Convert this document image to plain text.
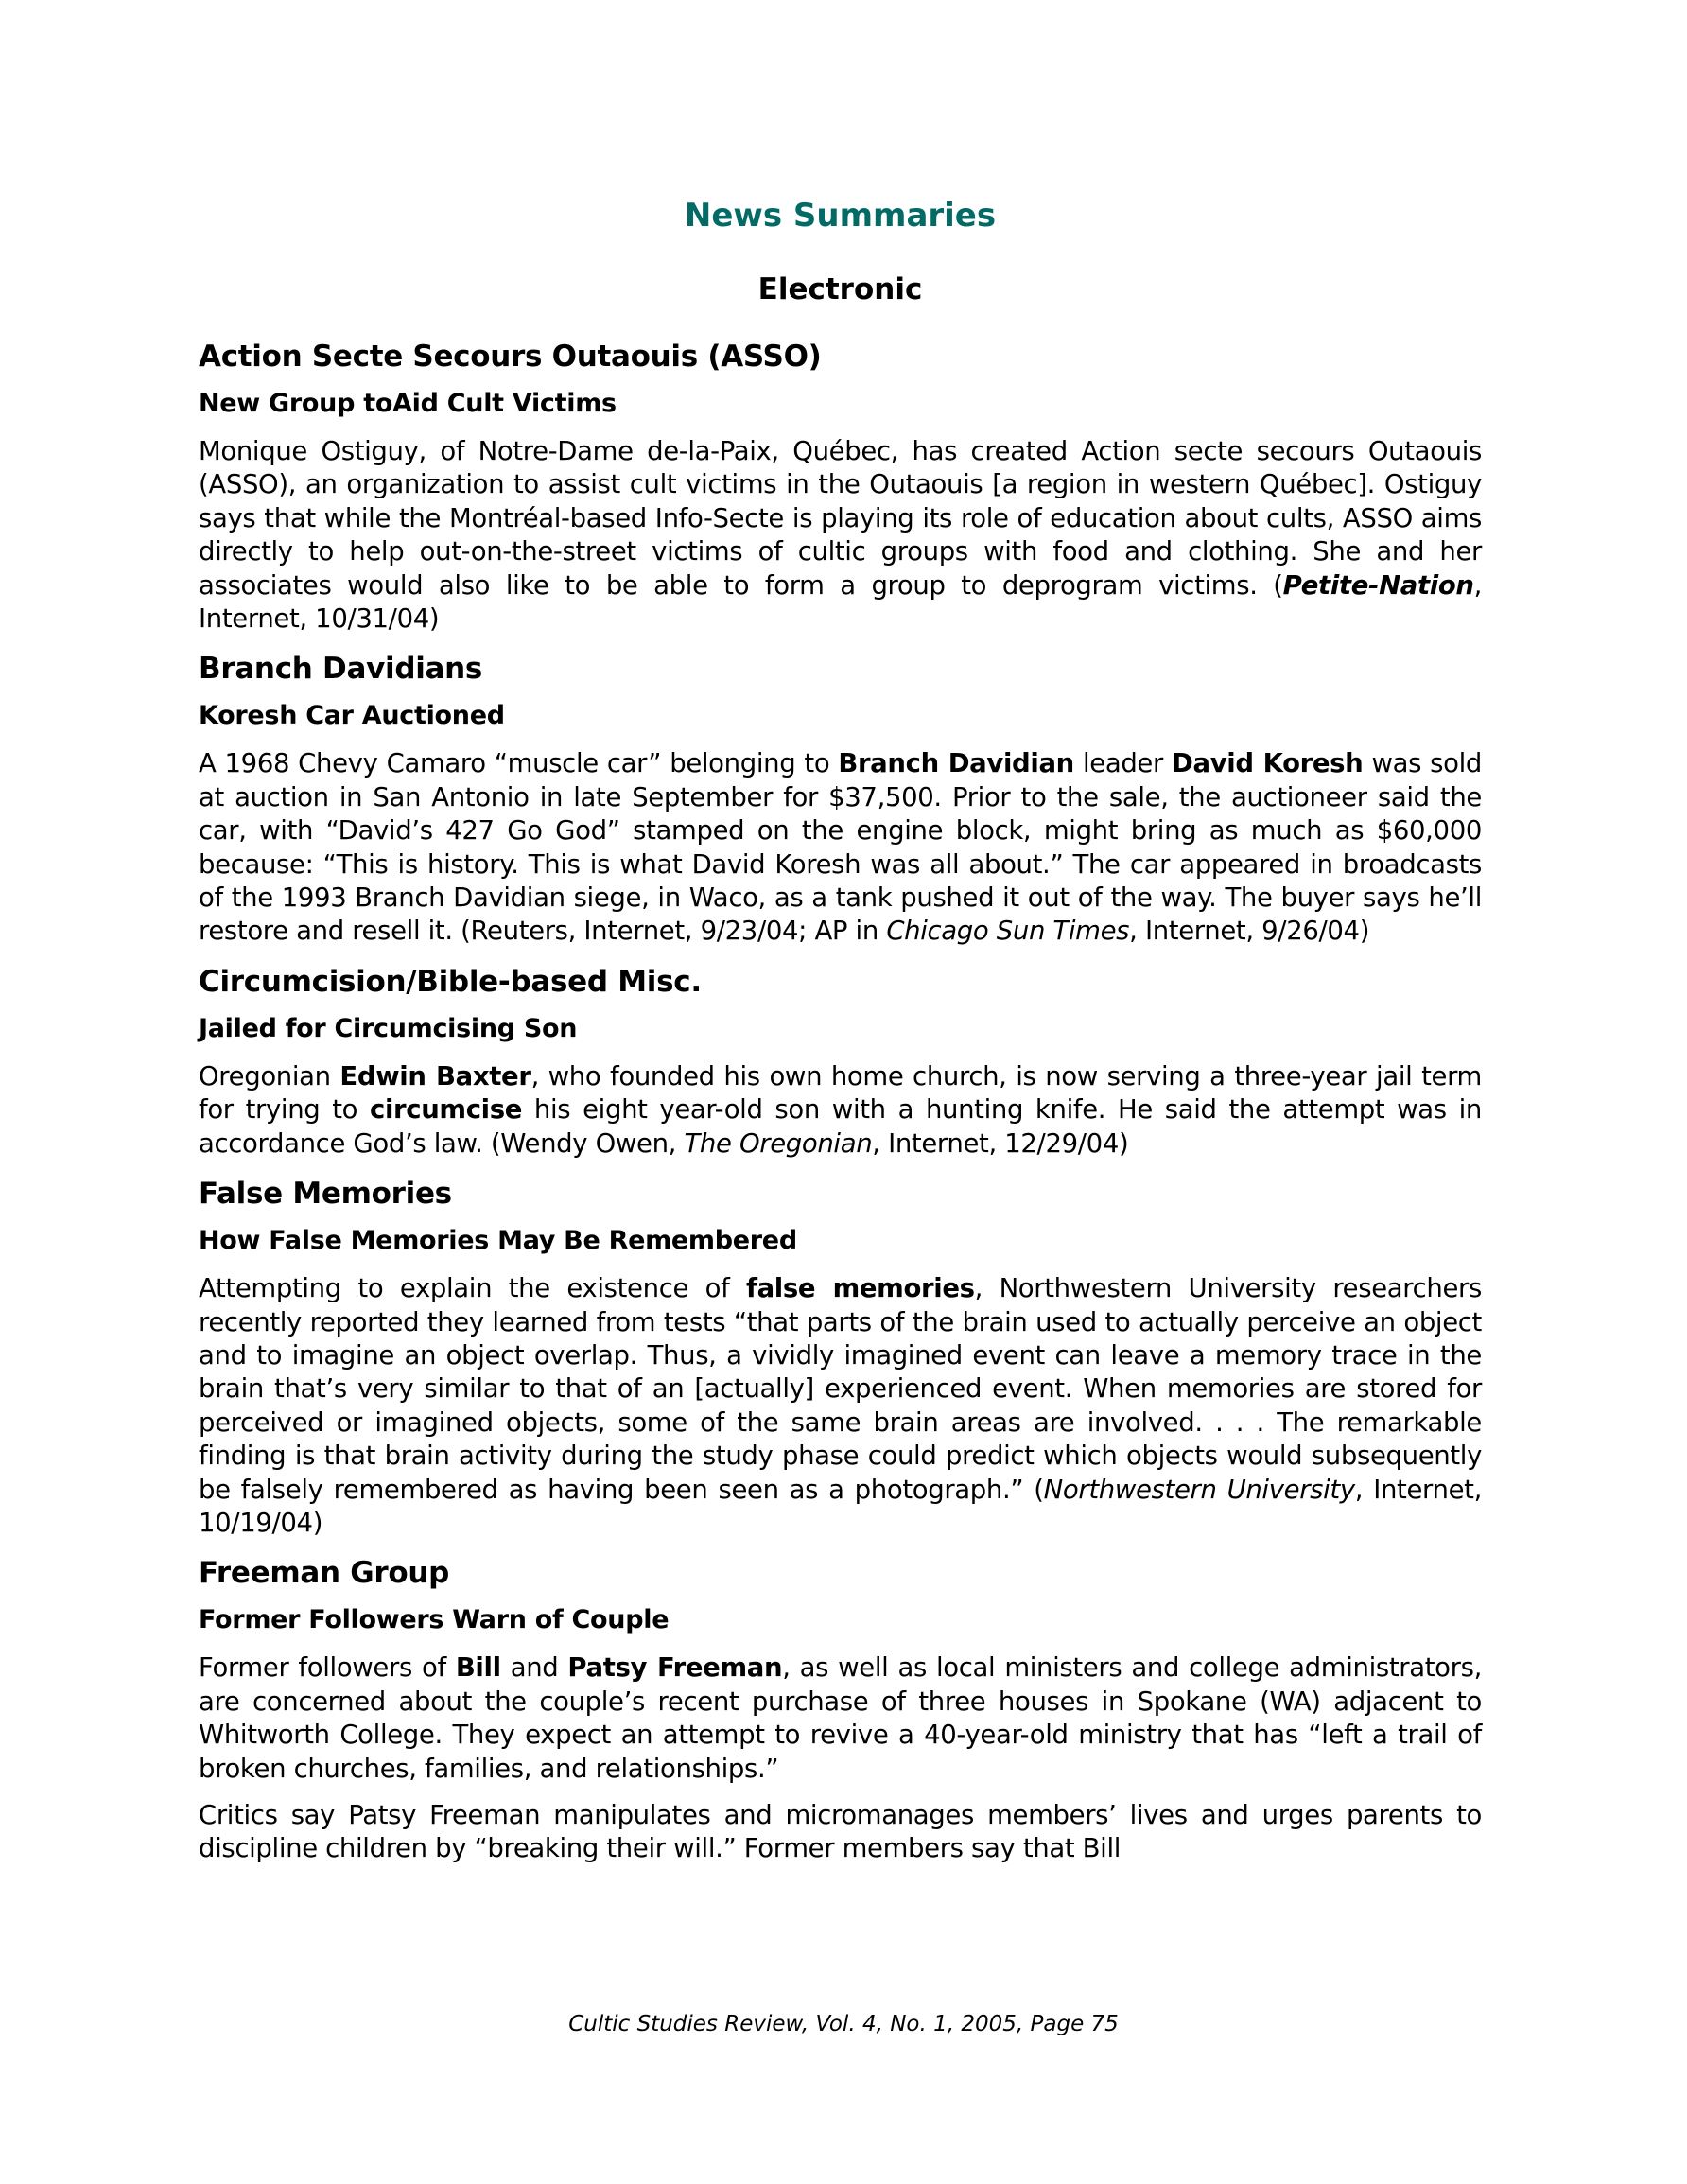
News Summaries
Electronic
Action Secte Secours Outaouis (ASSO)
New Group toAid Cult Victims

Monique Ostiguy, of Notre-Dame de-la-Paix, Québec, has created Action secte secours Outaouis (ASSO), an organization to assist cult victims in the Outaouis [a region in western Québec]. Ostiguy says that while the Montréal-based Info-Secte is playing its role of education about cults, ASSO aims directly to help out-on-the-street victims of cultic groups with food and clothing. She and her associates would also like to be able to form a group to deprogram victims. (Petite-Nation, Internet, 10/31/04)

Branch Davidians
Koresh Car Auctioned

A 1968 Chevy Camaro “muscle car” belonging to Branch Davidian leader David Koresh was sold at auction in San Antonio in late September for $37,500. Prior to the sale, the auctioneer said the car, with “David’s 427 Go God” stamped on the engine block, might bring as much as $60,000 because: “This is history. This is what David Koresh was all about.” The car appeared in broadcasts of the 1993 Branch Davidian siege, in Waco, as a tank pushed it out of the way. The buyer says he’ll restore and resell it. (Reuters, Internet, 9/23/04; AP in Chicago Sun Times, Internet, 9/26/04)

Circumcision/Bible-based Misc.
Jailed for Circumcising Son

Oregonian Edwin Baxter, who founded his own home church, is now serving a three-year jail term for trying to circumcise his eight year-old son with a hunting knife. He said the attempt was in accordance God’s law. (Wendy Owen, The Oregonian, Internet, 12/29/04)

False Memories
How False Memories May Be Remembered

Attempting to explain the existence of false memories, Northwestern University researchers recently reported they learned from tests “that parts of the brain used to actually perceive an object and to imagine an object overlap. Thus, a vividly imagined event can leave a memory trace in the brain that’s very similar to that of an [actually] experienced event. When memories are stored for perceived or imagined objects, some of the same brain areas are involved. . . . The remarkable finding is that brain activity during the study phase could predict which objects would subsequently be falsely remembered as having been seen as a photograph.” (Northwestern University, Internet, 10/19/04)

Freeman Group
Former Followers Warn of Couple

Former followers of Bill and Patsy Freeman, as well as local ministers and college administrators, are concerned about the couple’s recent purchase of three houses in Spokane (WA) adjacent to Whitworth College. They expect an attempt to revive a 40-year-old ministry that has “left a trail of broken churches, families, and relationships.”

Critics say Patsy Freeman manipulates and micromanages members’ lives and urges parents to discipline children by “breaking their will.” Former members say that Bill

Cultic Studies Review, Vol. 4, No. 1, 2005, Page 75
